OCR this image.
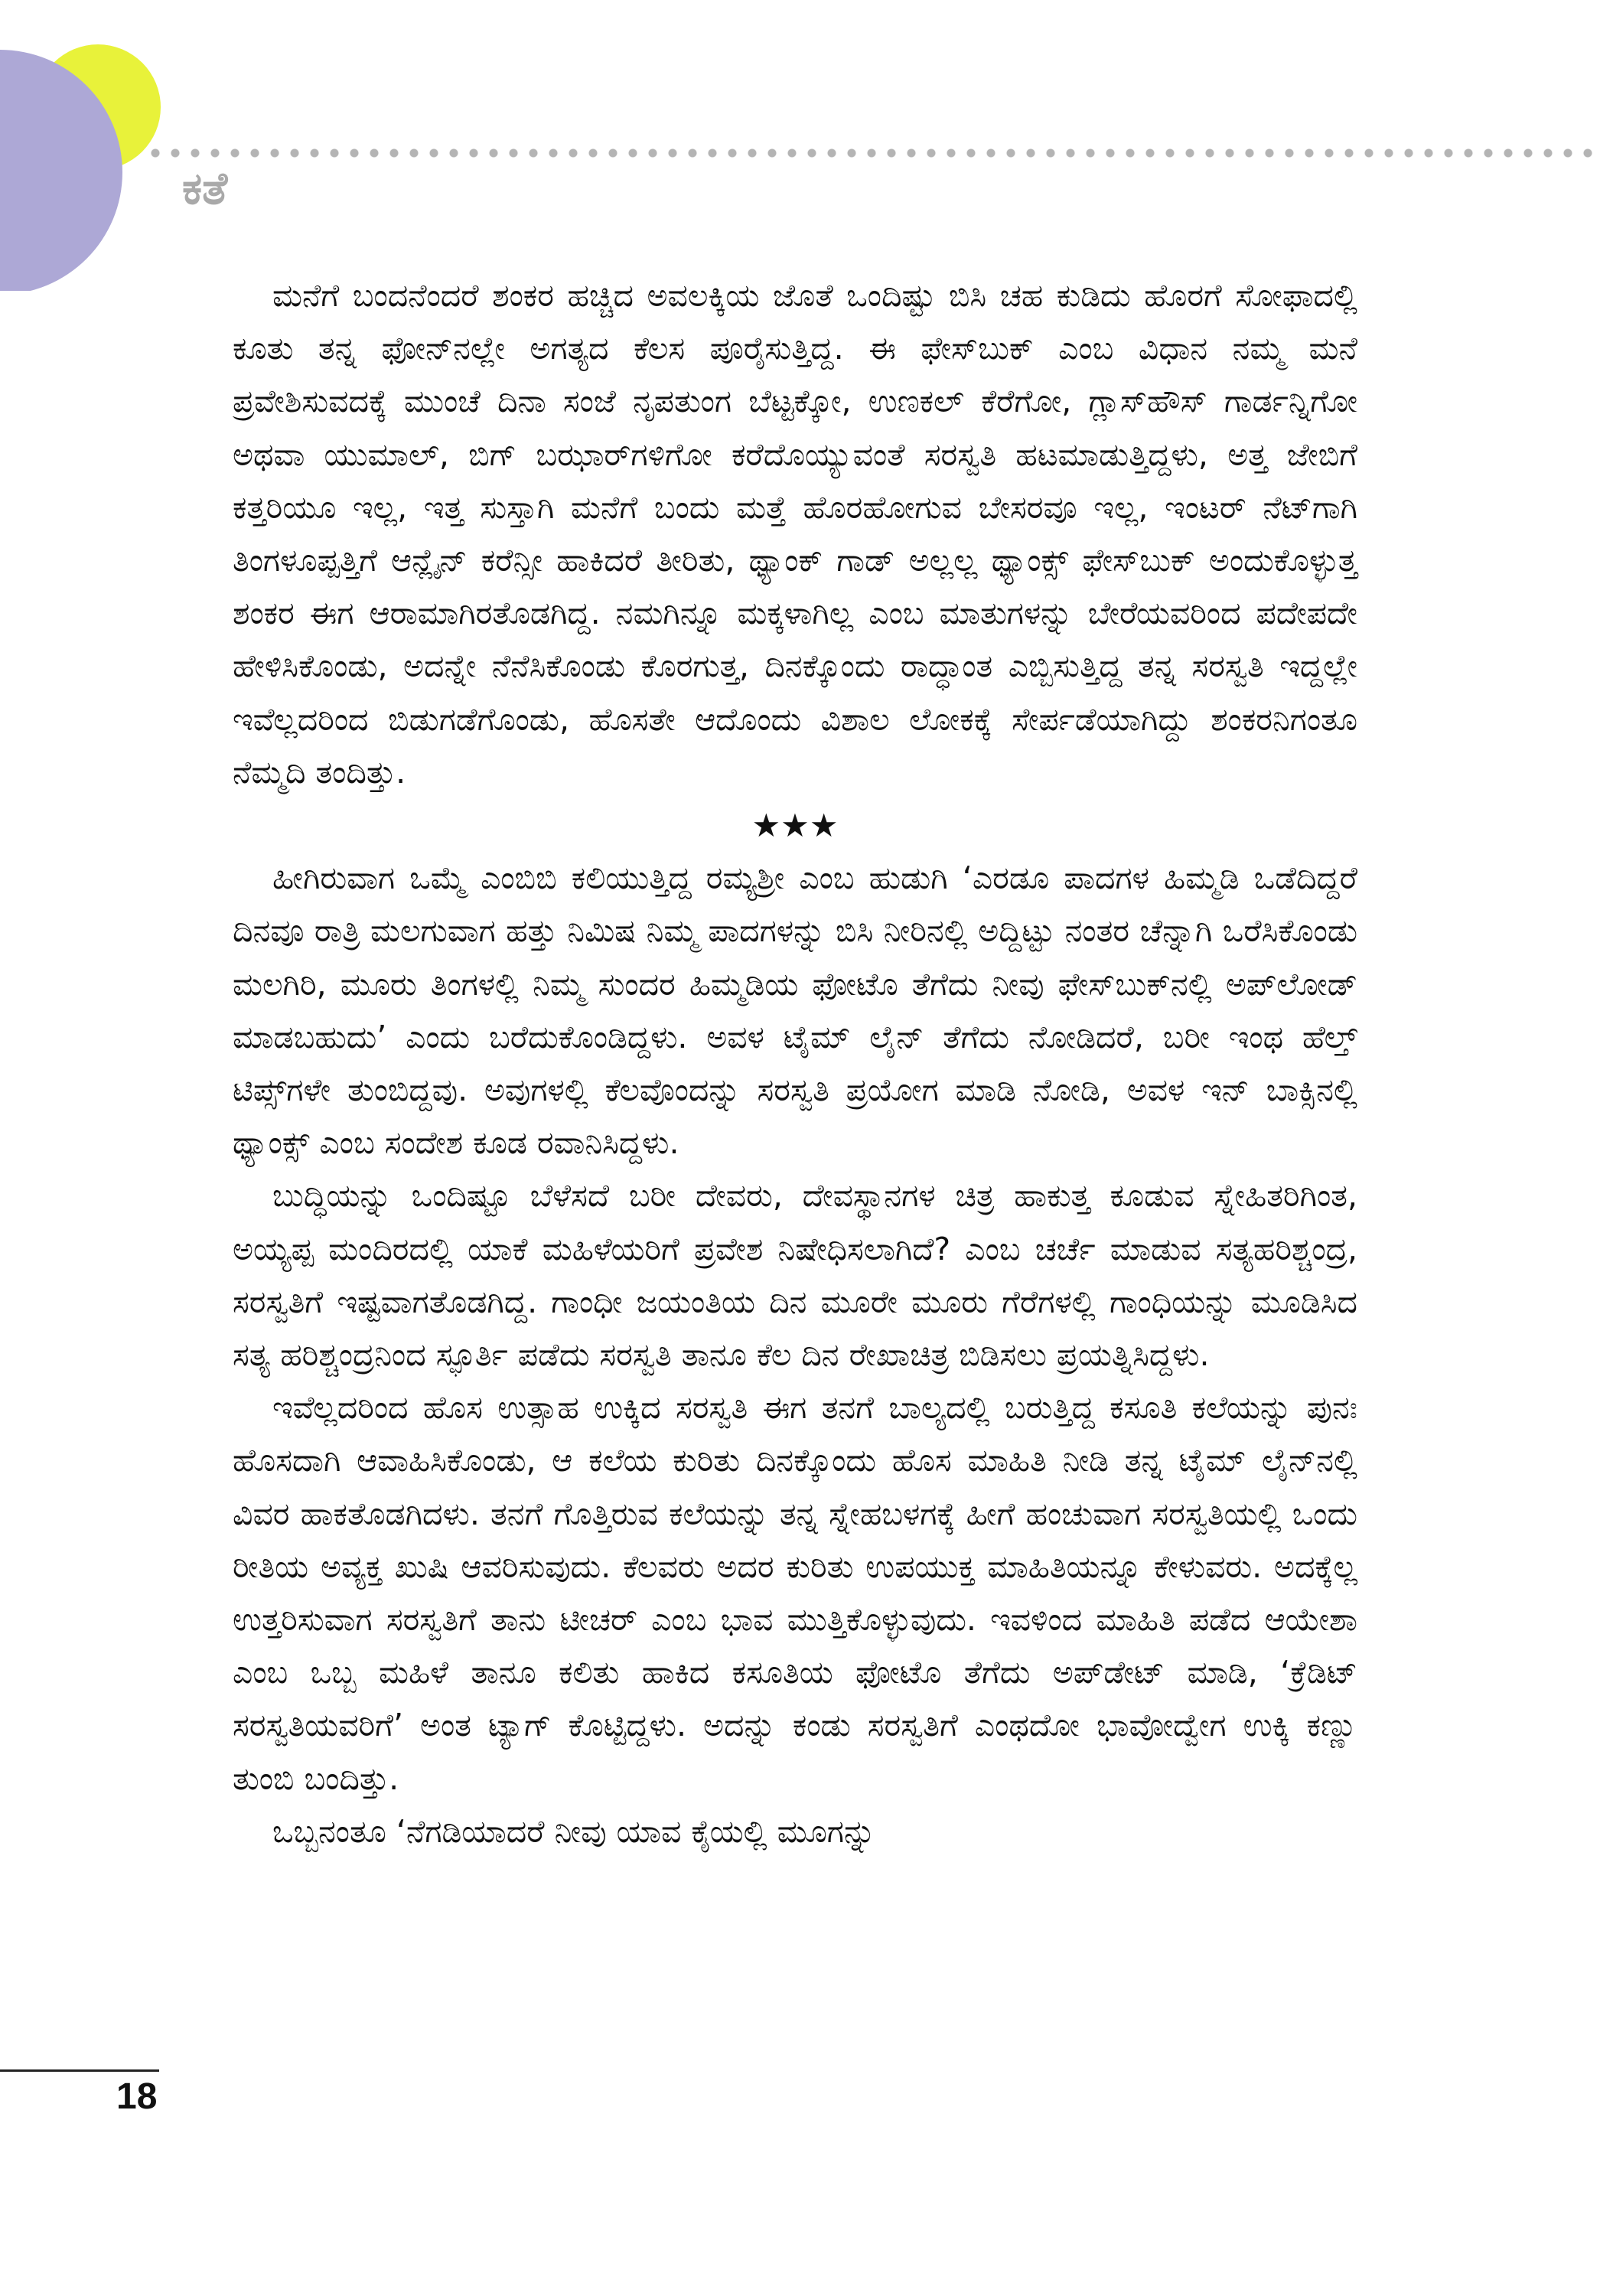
ಕತೆ

ಮನೆಗೆ ಬಂದನೆಂದರೆ ಶಂಕರ ಹಚ್ಚಿದ ಅವಲಕ್ಕಿಯ ಜೊತೆ ಒಂದಿಷ್ಟು ಬಿಸಿ ಚಹ ಕುಡಿದು ಹೊರಗೆ ಸೋಫಾದಲ್ಲಿ ಕೂತು ತನ್ನ ಫೋನ್‌ನಲ್ಲೇ ಅಗತ್ಯದ ಕೆಲಸ ಪೂರೈಸುತ್ತಿದ್ದ. ಈ ಫೇಸ್‌ಬುಕ್ ಎಂಬ ವಿಧಾನ ನಮ್ಮ ಮನೆ ಪ್ರವೇಶಿಸುವದಕ್ಕೆ ಮುಂಚೆ ದಿನಾ ಸಂಜೆ ನೃಪತುಂಗ ಬೆಟ್ಟಕ್ಕೋ, ಉಣಕಲ್ ಕೆರೆಗೋ, ಗ್ಲಾಸ್‌ಹೌಸ್ ಗಾರ್ಡನ್ನಿಗೋ ಅಥವಾ ಯುಮಾಲ್, ಬಿಗ್ ಬಝಾರ್‌ಗಳಿಗೋ ಕರೆದೊಯ್ಯುವಂತೆ ಸರಸ್ವತಿ ಹಟಮಾಡುತ್ತಿದ್ದಳು, ಅತ್ತ ಜೇಬಿಗೆ ಕತ್ತರಿಯೂ ಇಲ್ಲ, ಇತ್ತ ಸುಸ್ತಾಗಿ ಮನೆಗೆ ಬಂದು ಮತ್ತೆ ಹೊರಹೋಗುವ ಬೇಸರವೂ ಇಲ್ಲ, ಇಂಟರ್ ನೆಟ್‌ಗಾಗಿ ತಿಂಗಳೂಪ್ಪತ್ತಿಗೆ ಆನ್ಲೈನ್ ಕರೆನ್ಸೀ ಹಾಕಿದರೆ ತೀರಿತು, ಥ್ಯಾಂಕ್ ಗಾಡ್ ಅಲ್ಲಲ್ಲ ಥ್ಯಾಂಕ್ಸ್ ಫೇಸ್‌ಬುಕ್ ಅಂದುಕೊಳ್ಳುತ್ತ ಶಂಕರ ಈಗ ಆರಾಮಾಗಿರತೊಡಗಿದ್ದ. ನಮಗಿನ್ನೂ ಮಕ್ಕಳಾಗಿಲ್ಲ ಎಂಬ ಮಾತುಗಳನ್ನು ಬೇರೆಯವರಿಂದ ಪದೇಪದೇ ಹೇಳಿಸಿಕೊಂಡು, ಅದನ್ನೇ ನೆನೆಸಿಕೊಂಡು ಕೊರಗುತ್ತ, ದಿನಕ್ಕೊಂದು ರಾದ್ಧಾಂತ ಎಬ್ಬಿಸುತ್ತಿದ್ದ ತನ್ನ ಸರಸ್ವತಿ ಇದ್ದಲ್ಲೇ ಇವೆಲ್ಲದರಿಂದ ಬಿಡುಗಡೆಗೊಂಡು, ಹೊಸತೇ ಆದೊಂದು ವಿಶಾಲ ಲೋಕಕ್ಕೆ ಸೇರ್ಪಡೆಯಾಗಿದ್ದು ಶಂಕರನಿಗಂತೂ ನೆಮ್ಮದಿ ತಂದಿತ್ತು.

★★★

ಹೀಗಿರುವಾಗ ಒಮ್ಮೆ ಎಂಬಿಬಿ ಕಲಿಯುತ್ತಿದ್ದ ರಮ್ಯಶ್ರೀ ಎಂಬ ಹುಡುಗಿ ‘ಎರಡೂ ಪಾದಗಳ ಹಿಮ್ಮಡಿ ಒಡೆದಿದ್ದರೆ ದಿನವೂ ರಾತ್ರಿ ಮಲಗುವಾಗ ಹತ್ತು ನಿಮಿಷ ನಿಮ್ಮ ಪಾದಗಳನ್ನು ಬಿಸಿ ನೀರಿನಲ್ಲಿ ಅದ್ದಿಟ್ಟು ನಂತರ ಚೆನ್ನಾಗಿ ಒರೆಸಿಕೊಂಡು ಮಲಗಿರಿ, ಮೂರು ತಿಂಗಳಲ್ಲಿ ನಿಮ್ಮ ಸುಂದರ ಹಿಮ್ಮಡಿಯ ಫೋಟೊ ತೆಗೆದು ನೀವು ಫೇಸ್‌ಬುಕ್‌ನಲ್ಲಿ ಅಪ್‌ಲೋಡ್ ಮಾಡಬಹುದು’ ಎಂದು ಬರೆದುಕೊಂಡಿದ್ದಳು. ಅವಳ ಟೈಮ್ ಲೈನ್ ತೆಗೆದು ನೋಡಿದರೆ, ಬರೀ ಇಂಥ ಹೆಲ್ತ್ ಟಿಪ್ಸ್‌ಗಳೇ ತುಂಬಿದ್ದವು. ಅವುಗಳಲ್ಲಿ ಕೆಲವೊಂದನ್ನು ಸರಸ್ವತಿ ಪ್ರಯೋಗ ಮಾಡಿ ನೋಡಿ, ಅವಳ ಇನ್ ಬಾಕ್ಸಿನಲ್ಲಿ ಥ್ಯಾಂಕ್ಸ್ ಎಂಬ ಸಂದೇಶ ಕೂಡ ರವಾನಿಸಿದ್ದಳು.

ಬುದ್ಧಿಯನ್ನು ಒಂದಿಷ್ಟೂ ಬೆಳೆಸದೆ ಬರೀ ದೇವರು, ದೇವಸ್ಥಾನಗಳ ಚಿತ್ರ ಹಾಕುತ್ತ ಕೂಡುವ ಸ್ನೇಹಿತರಿಗಿಂತ, ಅಯ್ಯಪ್ಪ ಮಂದಿರದಲ್ಲಿ ಯಾಕೆ ಮಹಿಳೆಯರಿಗೆ ಪ್ರವೇಶ ನಿಷೇಧಿಸಲಾಗಿದೆ? ಎಂಬ ಚರ್ಚೆ ಮಾಡುವ ಸತ್ಯಹರಿಶ್ಚಂದ್ರ, ಸರಸ್ವತಿಗೆ ಇಷ್ಟವಾಗತೊಡಗಿದ್ದ. ಗಾಂಧೀ ಜಯಂತಿಯ ದಿನ ಮೂರೇ ಮೂರು ಗೆರೆಗಳಲ್ಲಿ ಗಾಂಧಿಯನ್ನು ಮೂಡಿಸಿದ ಸತ್ಯ ಹರಿಶ್ಚಂದ್ರನಿಂದ ಸ್ಫೂರ್ತಿ ಪಡೆದು ಸರಸ್ವತಿ ತಾನೂ ಕೆಲ ದಿನ ರೇಖಾಚಿತ್ರ ಬಿಡಿಸಲು ಪ್ರಯತ್ನಿಸಿದ್ದಳು.

ಇವೆಲ್ಲದರಿಂದ ಹೊಸ ಉತ್ಸಾಹ ಉಕ್ಕಿದ ಸರಸ್ವತಿ ಈಗ ತನಗೆ ಬಾಲ್ಯದಲ್ಲಿ ಬರುತ್ತಿದ್ದ ಕಸೂತಿ ಕಲೆಯನ್ನು ಪುನಃ ಹೊಸದಾಗಿ ಆವಾಹಿಸಿಕೊಂಡು, ಆ ಕಲೆಯ ಕುರಿತು ದಿನಕ್ಕೊಂದು ಹೊಸ ಮಾಹಿತಿ ನೀಡಿ ತನ್ನ ಟೈಮ್ ಲೈನ್‌ನಲ್ಲಿ ವಿವರ ಹಾಕತೊಡಗಿದಳು. ತನಗೆ ಗೊತ್ತಿರುವ ಕಲೆಯನ್ನು ತನ್ನ ಸ್ನೇಹಬಳಗಕ್ಕೆ ಹೀಗೆ ಹಂಚುವಾಗ ಸರಸ್ವತಿಯಲ್ಲಿ ಒಂದು ರೀತಿಯ ಅವ್ಯಕ್ತ ಖುಷಿ ಆವರಿಸುವುದು. ಕೆಲವರು ಅದರ ಕುರಿತು ಉಪಯುಕ್ತ ಮಾಹಿತಿಯನ್ನೂ ಕೇಳುವರು. ಅದಕ್ಕೆಲ್ಲ ಉತ್ತರಿಸುವಾಗ ಸರಸ್ವತಿಗೆ ತಾನು ಟೀಚರ್ ಎಂಬ ಭಾವ ಮುತ್ತಿಕೊಳ್ಳುವುದು. ಇವಳಿಂದ ಮಾಹಿತಿ ಪಡೆದ ಆಯೇಶಾ ಎಂಬ ಒಬ್ಬ ಮಹಿಳೆ ತಾನೂ ಕಲಿತು ಹಾಕಿದ ಕಸೂತಿಯ ಫೋಟೊ ತೆಗೆದು ಅಪ್‌ಡೇಟ್ ಮಾಡಿ, ‘ಕ್ರೆಡಿಟ್ ಸರಸ್ವತಿಯವರಿಗೆ’ ಅಂತ ಟ್ಯಾಗ್ ಕೊಟ್ಟಿದ್ದಳು. ಅದನ್ನು ಕಂಡು ಸರಸ್ವತಿಗೆ ಎಂಥದೋ ಭಾವೋದ್ವೇಗ ಉಕ್ಕಿ ಕಣ್ಣು ತುಂಬಿ ಬಂದಿತ್ತು.

ಒಬ್ಬನಂತೂ ‘ನೆಗಡಿಯಾದರೆ ನೀವು ಯಾವ ಕೈಯಲ್ಲಿ ಮೂಗನ್ನು

18
